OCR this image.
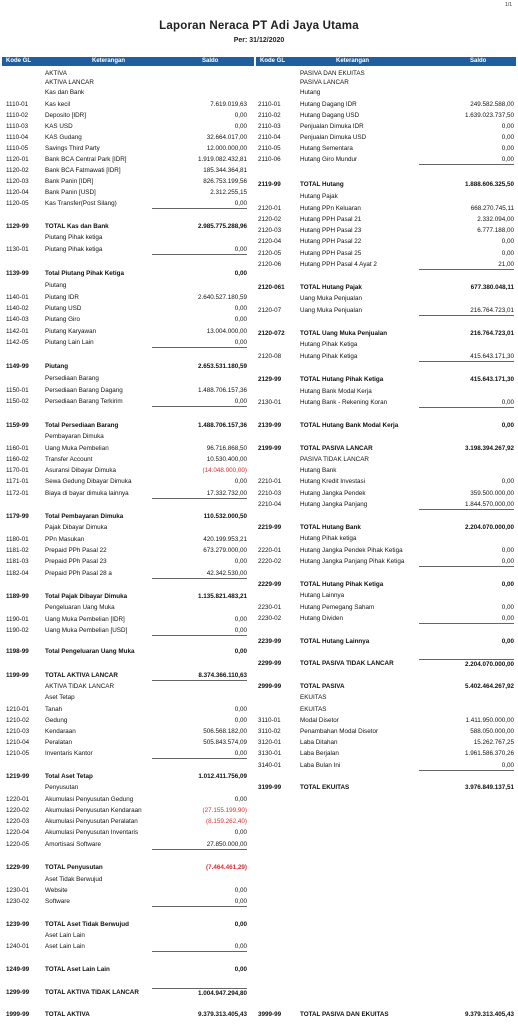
1/1
Laporan Neraca PT Adi Jaya Utama
Per: 31/12/2020
Kode GL	Keterangan	Saldo	Kode GL	Keterangan	Saldo
AKTIVA
AKTIVA LANCAR
Kas dan Bank
1110-01	Kas kecil	7.619.019,63
1110-02	Deposito [IDR]	0,00
1110-03	KAS USD	0,00
1110-04	KAS Gudang	32.664.017,00
1110-05	Savings Third Party	12.000.000,00
1120-01	Bank BCA Central Park [IDR]	1.919.082.432,81
1120-02	Bank BCA Fatmawati [IDR]	185.344.364,81
1120-03	Bank Panin [IDR]	826.753.199,56
1120-04	Bank Panin [USD]	2.312.255,15
1120-05	Kas Transfer(Post Silang)	0,00
1129-99	TOTAL Kas dan Bank	2.985.775.288,96
Piutang Pihak ketiga
1130-01	Piutang Pihak ketiga	0,00
1139-99	Total Piutang Pihak Ketiga	0,00
Piutang
1140-01	Piutang IDR	2.640.527.180,59
1140-02	Piutang USD	0,00
1140-03	Piutang Giro	0,00
1142-01	Piutang Karyawan	13.004.000,00
1142-05	Piutang Lain Lain	0,00
1149-99	Piutang	2.653.531.180,59
Persediaan Barang
1150-01	Persediaan Barang Dagang	1.488.706.157,36
1150-02	Persediaan Barang Terkirim	0,00
1159-99	Total Persediaan Barang	1.488.706.157,36
Pembayaran Dimuka
1160-01	Uang Muka Pembelian	96.716.868,50
1160-02	Transfer Account	10.530.400,00
1170-01	Asuransi Dibayar Dimuka	(14.048.000,00)
1171-01	Sewa Gedung Dibayar Dimuka	0,00
1172-01	Biaya di bayar dimuka lainnya	17.332.732,00
1179-99	Total Pembayaran Dimuka	110.532.000,50
Pajak Dibayar Dimuka
1180-01	PPn Masukan	420.199.953,21
1181-02	Prepaid PPh Pasal 22	673.279.000,00
1181-03	Prepaid PPh Pasal 23	0,00
1182-04	Prepaid PPh Pasal 28 a	42.342.530,00
1189-99	Total Pajak Dibayar Dimuka	1.135.821.483,21
Pengeluaran Uang Muka
1190-01	Uang Muka Pembelian [IDR]	0,00
1190-02	Uang Muka Pembelian [USD]	0,00
1198-99	Total Pengeluaran Uang Muka	0,00
1199-99	TOTAL AKTIVA LANCAR	8.374.366.110,63
AKTIVA TIDAK LANCAR
Aset Tetap
1210-01	Tanah	0,00
1210-02	Gedung	0,00
1210-03	Kendaraan	506.568.182,00
1210-04	Peralatan	505.843.574,09
1210-05	Inventaris Kantor	0,00
1219-99	Total Aset Tetap	1.012.411.756,09
Penyusutan
1220-01	Akumulasi Penyusutan Gedung	0,00
1220-02	Akumulasi Penyusutan Kendaraan	(27.155.199,90)
1220-03	Akumulasi Penyusutan Peralatan	(8.159.262,40)
1220-04	Akumulasi Penyusutan Inventaris	0,00
1220-05	Amortisasi Software	27.850.000,00
1229-99	TOTAL Penyusutan	(7.464.461,29)
Aset Tidak Berwujud
1230-01	Website	0,00
1230-02	Software	0,00
1239-99	TOTAL Aset Tidak Berwujud	0,00
Aset Lain Lain
1240-01	Aset Lain Lain	0,00
1249-99	TOTAL Aset Lain Lain	0,00
1299-99	TOTAL AKTIVA TIDAK LANCAR	1.004.947.294,80
1999-99	TOTAL AKTIVA	9.379.313.405,43
PASIVA DAN EKUITAS
PASIVA LANCAR
Hutang
2110-01	Hutang Dagang IDR	249.582.588,00
2110-02	Hutang Dagang USD	1.639.023.737,50
2110-03	Penjualan Dimuka IDR	0,00
2110-04	Penjualan Dimuka USD	0,00
2110-05	Hutang Sementara	0,00
2110-06	Hutang Giro Mundur	0,00
2119-99	TOTAL Hutang	1.888.606.325,50
Hutang Pajak
2120-01	Hutang PPn Keluaran	668.270.745,11
2120-02	Hutang PPH Pasal 21	2.332.094,00
2120-03	Hutang PPH Pasal 23	6.777.188,00
2120-04	Hutang PPH Pasal 22	0,00
2120-05	Hutang PPH Pasal 25	0,00
2120-06	Hutang PPH Pasal 4 Ayat 2	21,00
2120-061	TOTAL Hutang Pajak	677.380.048,11
Uang Muka Penjualan
2120-07	Uang Muka Penjualan	216.764.723,01
2120-072	TOTAL Uang Muka Penjualan	216.764.723,01
Hutang Pihak Ketiga
2120-08	Hutang Pihak Ketiga	415.643.171,30
2129-99	TOTAL Hutang Pihak Ketiga	415.643.171,30
Hutang Bank Modal Kerja
2130-01	Hutang Bank - Rekening Koran	0,00
2139-99	TOTAL Hutang Bank Modal Kerja	0,00
2199-99	TOTAL PASIVA LANCAR	3.198.394.267,92
PASIVA TIDAK LANCAR
Hutang Bank
2210-01	Hutang Kredit Investasi	0,00
2210-03	Hutang Jangka Pendek	359.500.000,00
2210-04	Hutang Jangka Panjang	1.844.570.000,00
2219-99	TOTAL Hutang Bank	2.204.070.000,00
Hutang Pihak ketiga
2220-01	Hutang Jangka Pendek Pihak Ketiga	0,00
2220-02	Hutang Jangka Panjang Pihak Ketiga	0,00
2229-99	TOTAL Hutang Pihak Ketiga	0,00
Hutang Lainnya
2230-01	Hutang Pemegang Saham	0,00
2230-02	Hutang Dividen	0,00
2239-99	TOTAL Hutang Lainnya	0,00
2299-99	TOTAL PASIVA TIDAK LANCAR	2.204.070.000,00
2999-99	TOTAL PASIVA	5.402.464.267,92
EKUITAS
EKUITAS
3110-01	Modal Disetor	1.411.950.000,00
3110-02	Penambahan Modal Disetor	588.050.000,00
3120-01	Laba Ditahan	15.262.767,25
3130-01	Laba Berjalan	1.961.586.370,26
3140-01	Laba Bulan Ini	0,00
3199-99	TOTAL EKUITAS	3.976.849.137,51
3999-99	TOTAL PASIVA DAN EKUITAS	9.379.313.405,43
